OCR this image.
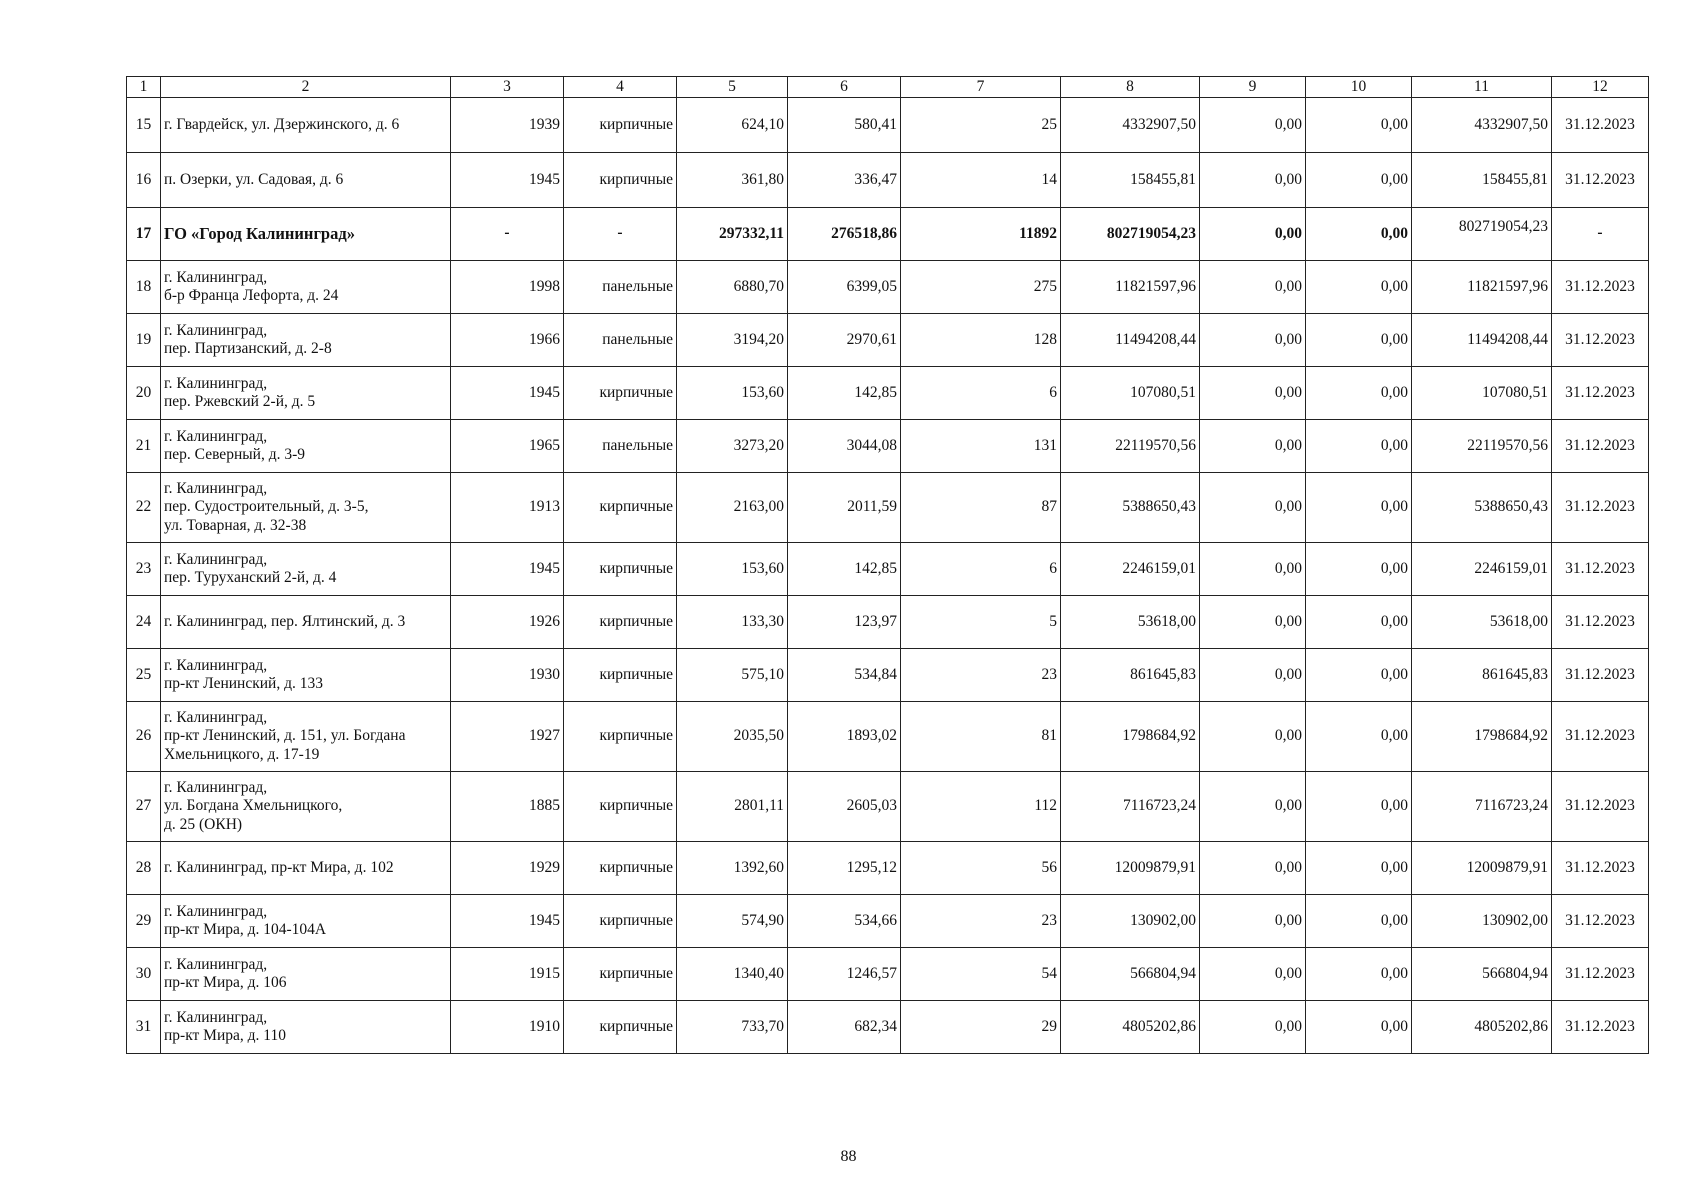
1	2	3	4	5	6	7	8	9	10	11	12
15	г. Гвардейск, ул. Дзержинского, д. 6	1939	кирпичные	624,10	580,41	25	4332907,50	0,00	0,00	4332907,50	31.12.2023
16	п. Озерки, ул. Садовая, д. 6	1945	кирпичные	361,80	336,47	14	158455,81	0,00	0,00	158455,81	31.12.2023
17	ГО «Город Калининград»	-	-	297332,11	276518,86	11892	802719054,23	0,00	0,00	802719054,23	-
18	г. Калининград,
б-р Франца Лефорта, д. 24	1998	панельные	6880,70	6399,05	275	11821597,96	0,00	0,00	11821597,96	31.12.2023
19	г. Калининград,
пер. Партизанский, д. 2-8	1966	панельные	3194,20	2970,61	128	11494208,44	0,00	0,00	11494208,44	31.12.2023
20	г. Калининград,
пер. Ржевский 2-й, д. 5	1945	кирпичные	153,60	142,85	6	107080,51	0,00	0,00	107080,51	31.12.2023
21	г. Калининград,
пер. Северный, д. 3-9	1965	панельные	3273,20	3044,08	131	22119570,56	0,00	0,00	22119570,56	31.12.2023
22	г. Калининград,
пер. Судостроительный, д. 3-5,
ул. Товарная, д. 32-38	1913	кирпичные	2163,00	2011,59	87	5388650,43	0,00	0,00	5388650,43	31.12.2023
23	г. Калининград,
пер. Туруханский 2-й, д. 4	1945	кирпичные	153,60	142,85	6	2246159,01	0,00	0,00	2246159,01	31.12.2023
24	г. Калининград, пер. Ялтинский, д. 3	1926	кирпичные	133,30	123,97	5	53618,00	0,00	0,00	53618,00	31.12.2023
25	г. Калининград,
пр-кт Ленинский, д. 133	1930	кирпичные	575,10	534,84	23	861645,83	0,00	0,00	861645,83	31.12.2023
26	г. Калининград,
пр-кт Ленинский, д. 151, ул. Богдана
Хмельницкого, д. 17-19	1927	кирпичные	2035,50	1893,02	81	1798684,92	0,00	0,00	1798684,92	31.12.2023
27	г. Калининград,
ул. Богдана Хмельницкого,
д. 25 (ОКН)	1885	кирпичные	2801,11	2605,03	112	7116723,24	0,00	0,00	7116723,24	31.12.2023
28	г. Калининград, пр-кт Мира, д. 102	1929	кирпичные	1392,60	1295,12	56	12009879,91	0,00	0,00	12009879,91	31.12.2023
29	г. Калининград,
пр-кт Мира, д. 104-104А	1945	кирпичные	574,90	534,66	23	130902,00	0,00	0,00	130902,00	31.12.2023
30	г. Калининград,
пр-кт Мира, д. 106	1915	кирпичные	1340,40	1246,57	54	566804,94	0,00	0,00	566804,94	31.12.2023
31	г. Калининград,
пр-кт Мира, д. 110	1910	кирпичные	733,70	682,34	29	4805202,86	0,00	0,00	4805202,86	31.12.2023
88
